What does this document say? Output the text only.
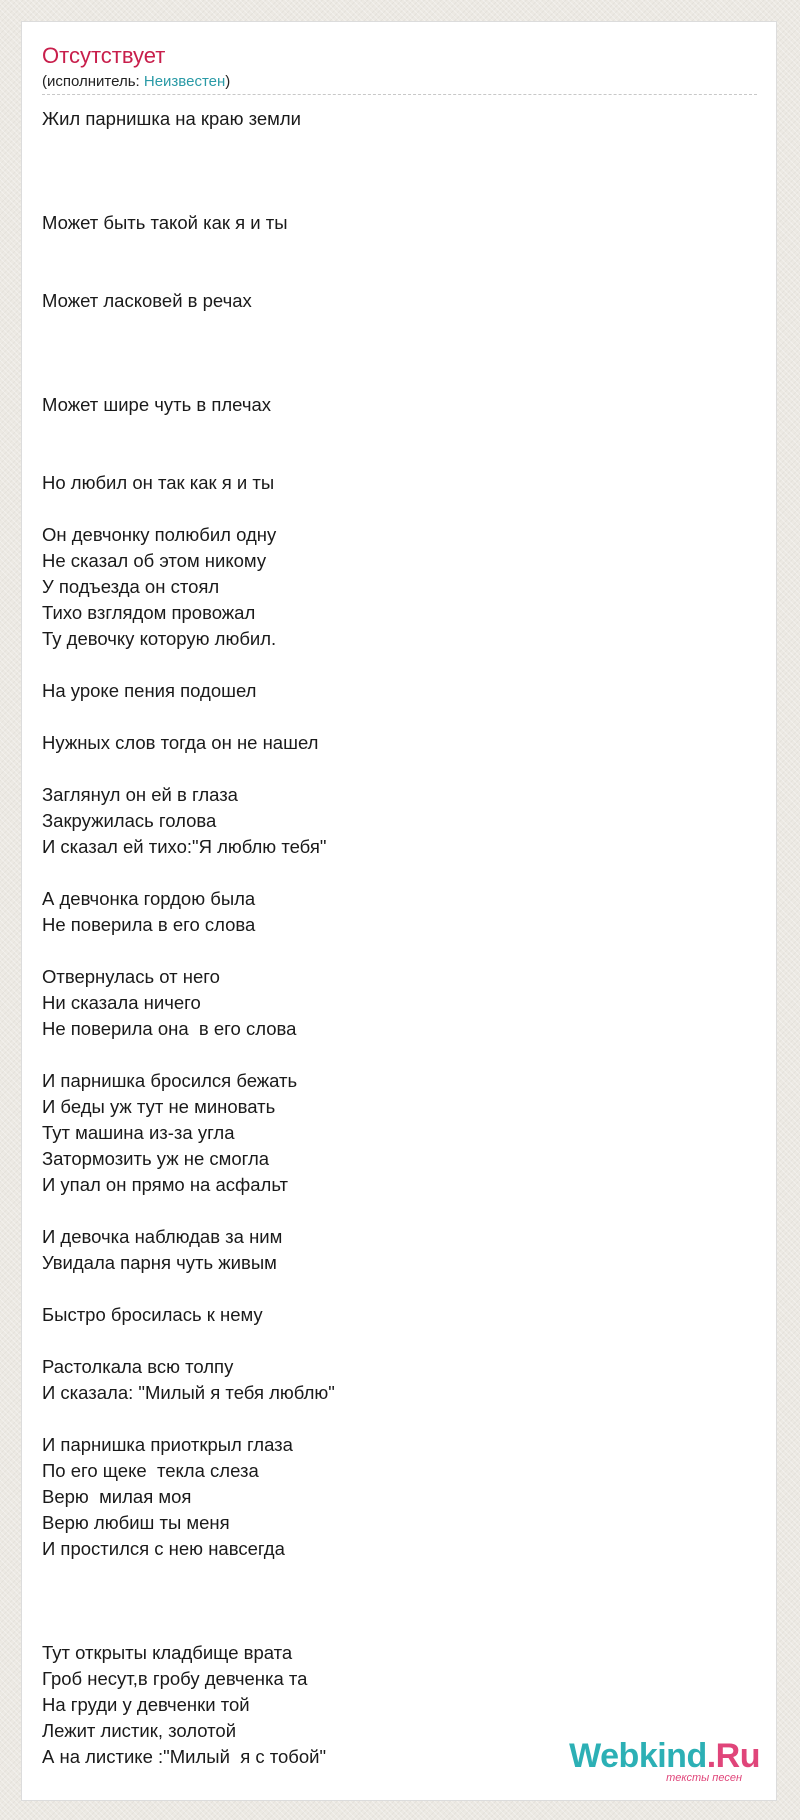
Отсутствует
(исполнитель: Неизвестен)
Жил парнишка на краю земли
Может быть такой как я и ты
Может ласковей в речах
Может шире чуть в плечах
Но любил он так как я и ты
Он девчонку полюбил одну
Не сказал об этом никому
У подъезда он стоял
Тихо взглядом провожал
Ту девочку которую любил.
На уроке пения подошел
Нужных слов тогда он не нашел
Заглянул он ей в глаза
Закружилась голова
И сказал ей тихо:"Я люблю тебя"
А девчонка гордою была
Не поверила в его слова
Отвернулась от него
Ни сказала ничего
Не поверила она  в его слова
И парнишка бросился бежать
И беды уж тут не миновать
Тут машина из-за угла
Затормозить уж не смогла
И упал он прямо на асфальт
И девочка наблюдав за ним
Увидала парня чуть живым
Быстро бросилась к нему
Растолкала всю толпу
И сказала: "Милый я тебя люблю"
И парнишка приоткрыл глаза
По его щеке  текла слеза
Верю  милая моя
Верю любиш ты меня
И простился с нею навсегда
Тут открыты кладбище врата
Гроб несут,в гробу девченка та
На груди у девченки той
Лежит листик, золотой
А на листике :"Милый  я с тобой"	Webkind.Ru
тексты песен
